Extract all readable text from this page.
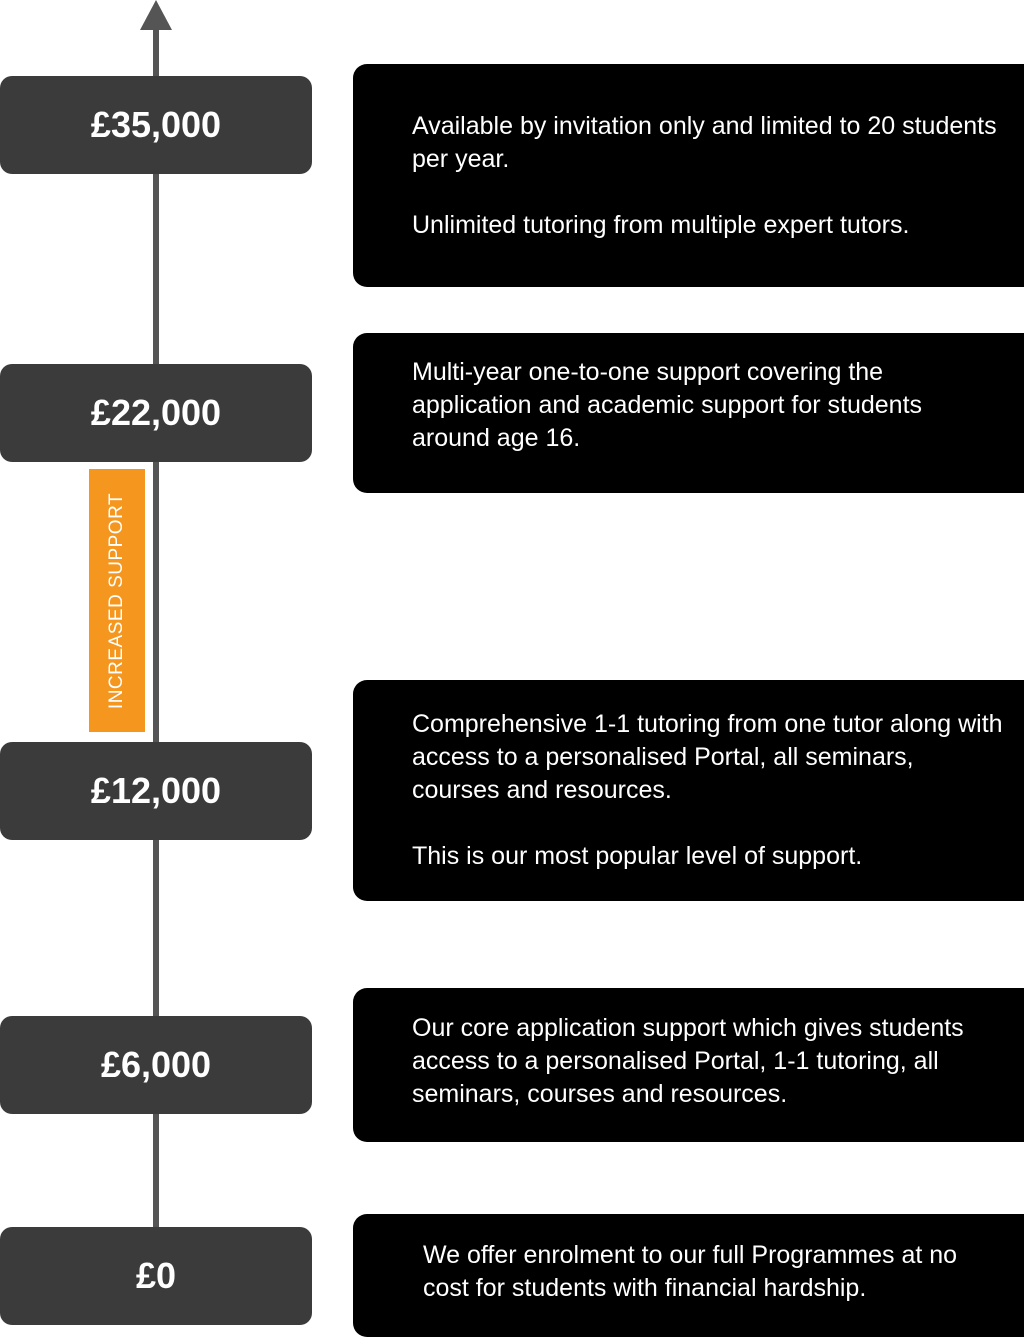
INCREASED SUPPORT
£35,000	Available by invitation only and limited to 20 students per year.

Unlimited tutoring from multiple expert tutors.

£22,000

Multi-year one-to-one support covering the application and academic support for students around age 16.

£12,000

Comprehensive 1-1 tutoring from one tutor along with access to a personalised Portal, all seminars, courses and resources.

This is our most popular level of support.

£6,000

Our core application support which gives students access to a personalised Portal, 1-1 tutoring, all seminars, courses and resources.

£0

We offer enrolment to our full Programmes at no cost for students with financial hardship.
